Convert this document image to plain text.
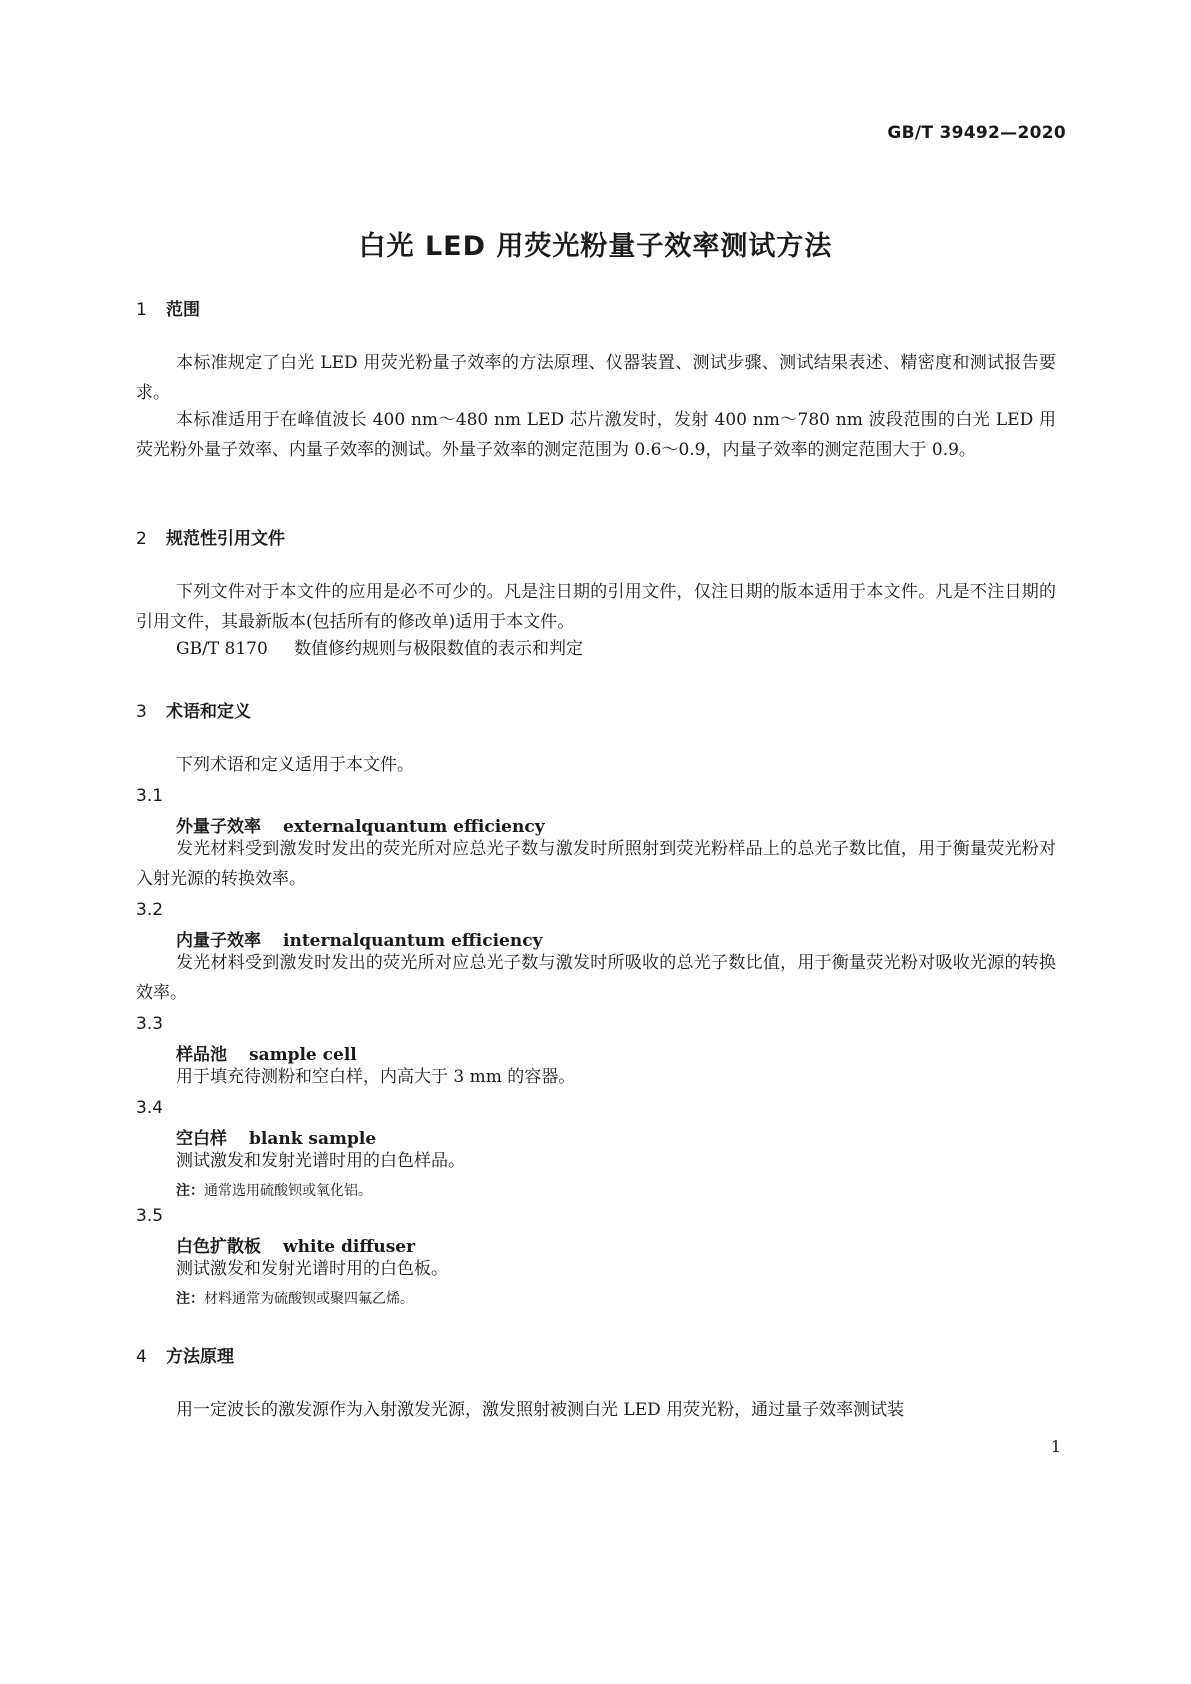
GB/T 39492—2020
白光 LED 用荧光粉量子效率测试方法
1 范围
本标准规定了白光 LED 用荧光粉量子效率的方法原理、仪器装置、测试步骤、测试结果表述、精密度和测试报告要求。
本标准适用于在峰值波长 400 nm～480 nm LED 芯片激发时，发射 400 nm～780 nm 波段范围的白光 LED 用荧光粉外量子效率、内量子效率的测试。外量子效率的测定范围为 0.6～0.9，内量子效率的测定范围大于 0.9。
2 规范性引用文件
下列文件对于本文件的应用是必不可少的。凡是注日期的引用文件，仅注日期的版本适用于本文件。凡是不注日期的引用文件，其最新版本(包括所有的修改单)适用于本文件。
GB/T 8170 数值修约规则与极限数值的表示和判定
3 术语和定义
下列术语和定义适用于本文件。
3.1
外量子效率 externalquantum efficiency
发光材料受到激发时发出的荧光所对应总光子数与激发时所照射到荧光粉样品上的总光子数比值，用于衡量荧光粉对入射光源的转换效率。
3.2
内量子效率 internalquantum efficiency
发光材料受到激发时发出的荧光所对应总光子数与激发时所吸收的总光子数比值，用于衡量荧光粉对吸收光源的转换效率。
3.3
样品池 sample cell
用于填充待测粉和空白样，内高大于 3 mm 的容器。
3.4
空白样 blank sample
测试激发和发射光谱时用的白色样品。
注：通常选用硫酸钡或氧化铝。
3.5
白色扩散板 white diffuser
测试激发和发射光谱时用的白色板。
注：材料通常为硫酸钡或聚四氟乙烯。
4 方法原理
用一定波长的激发源作为入射激发光源，激发照射被测白光 LED 用荧光粉，通过量子效率测试装
1
